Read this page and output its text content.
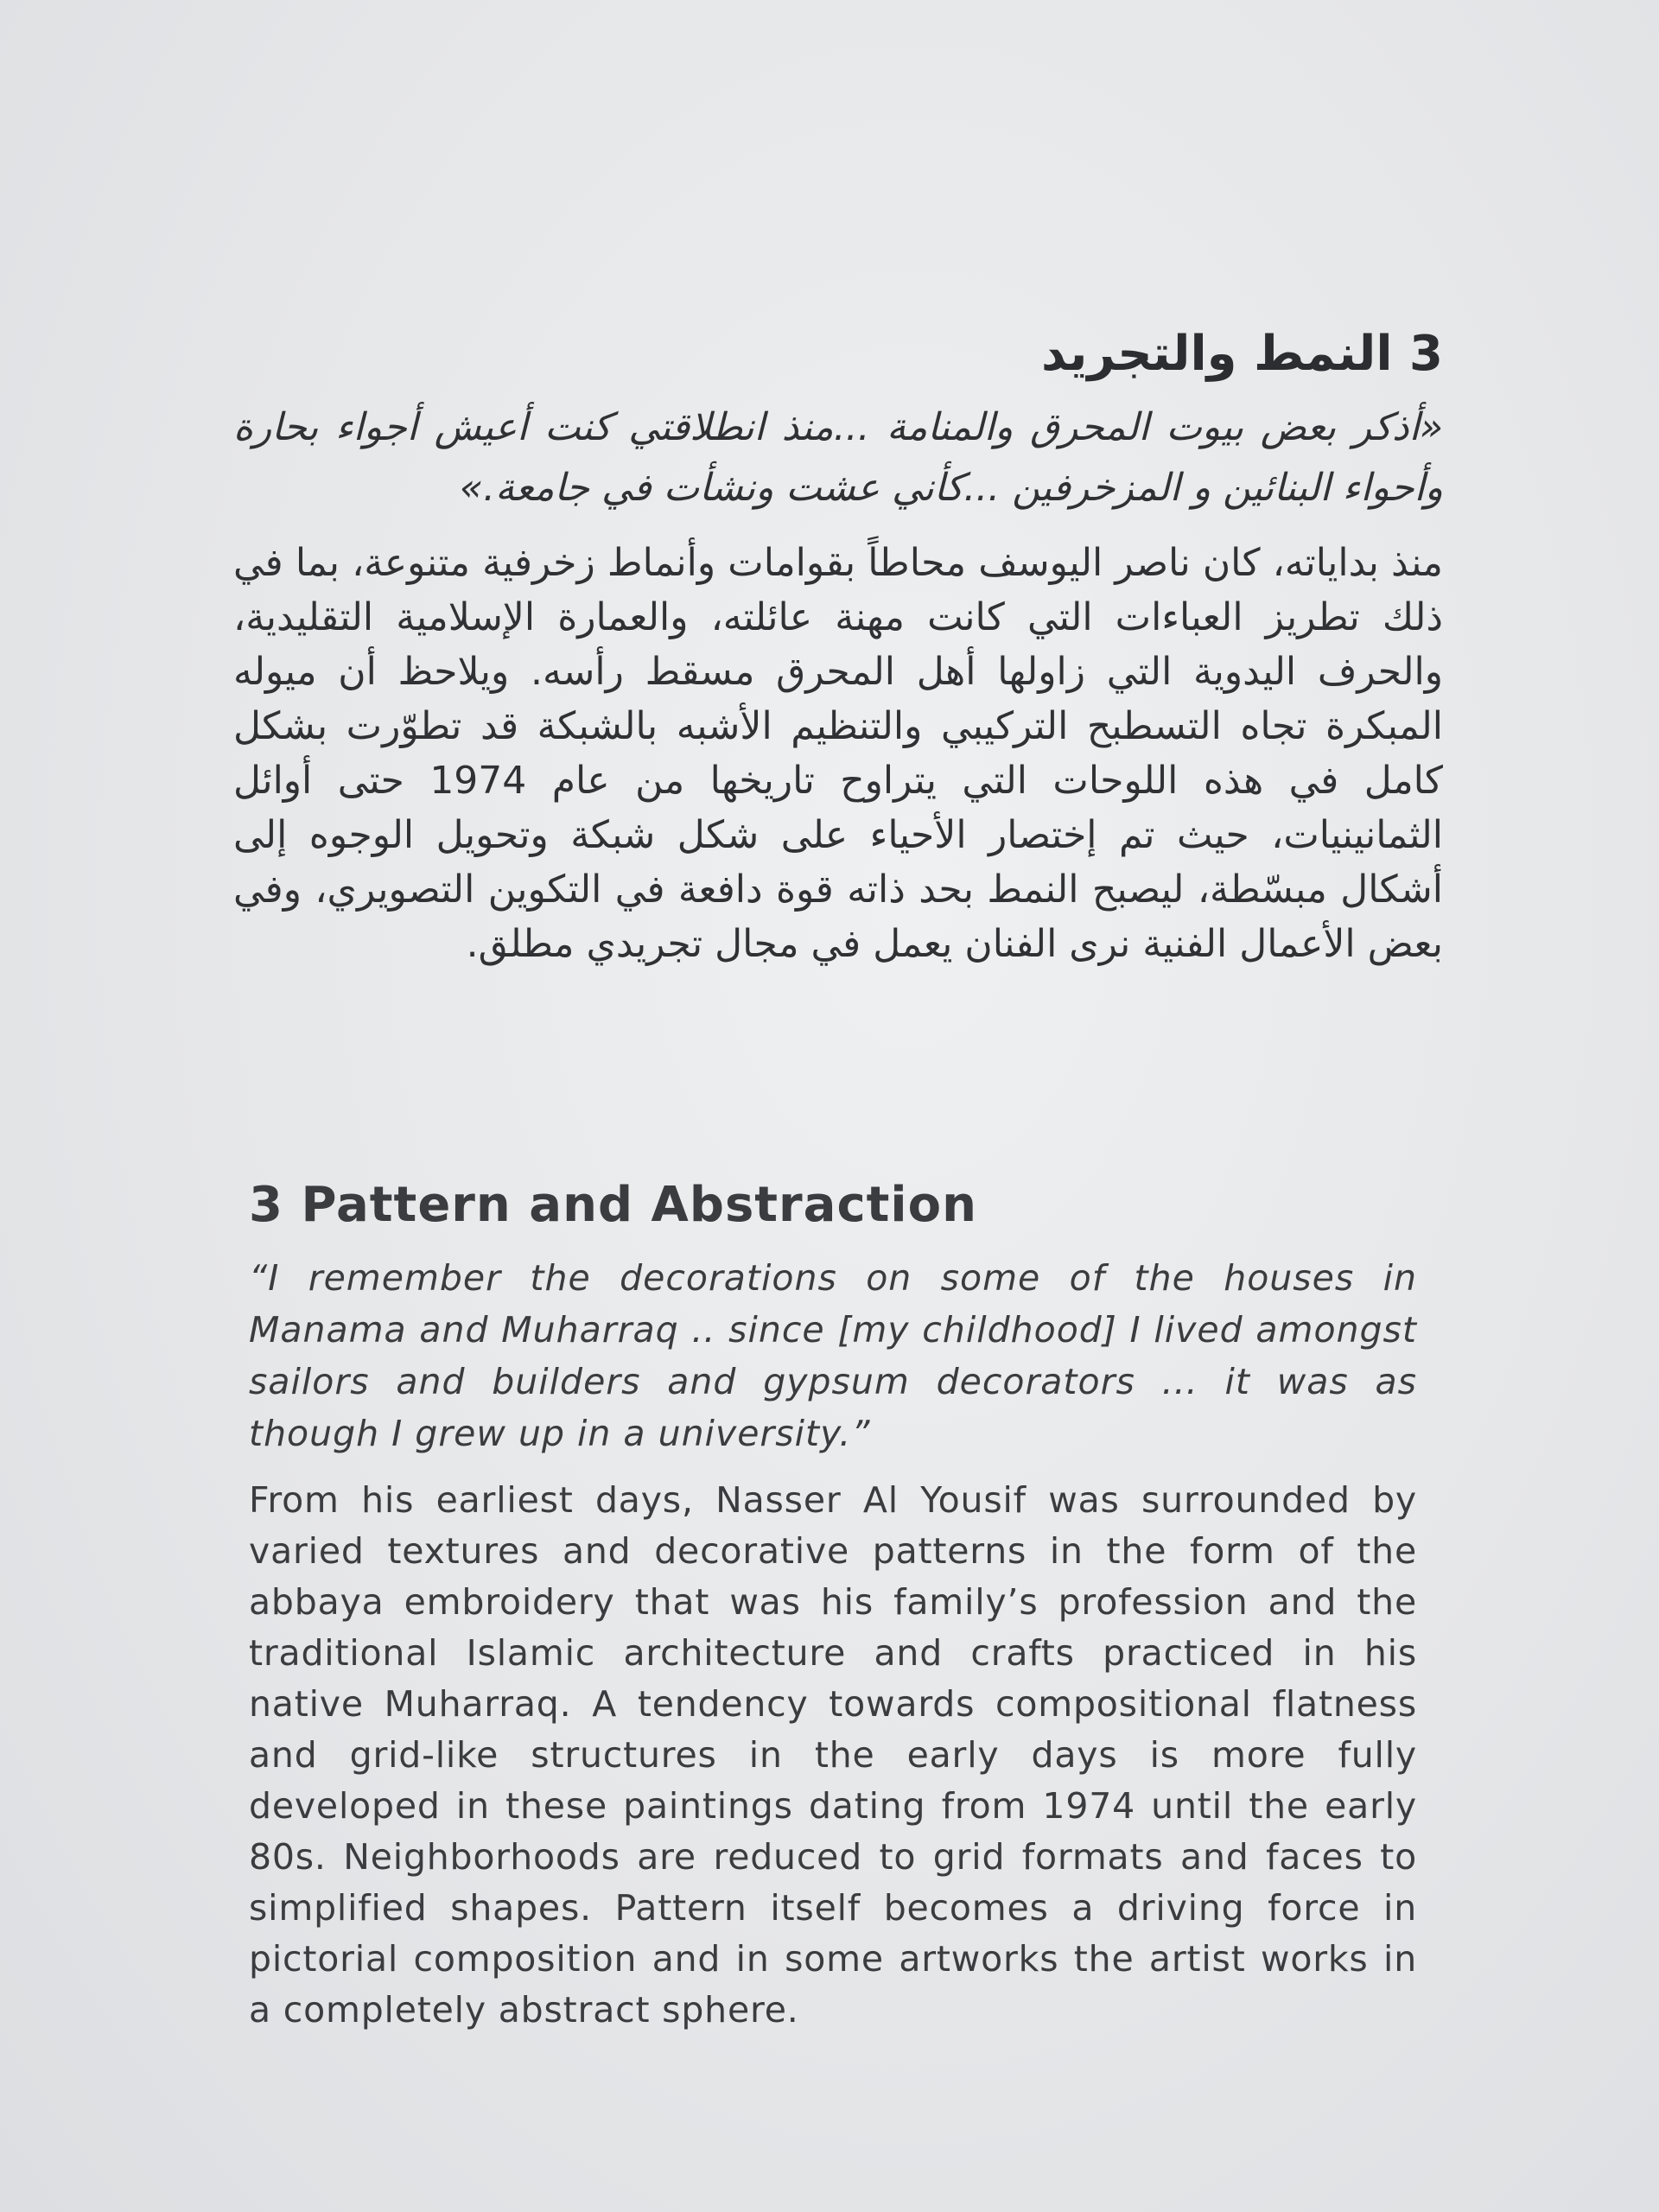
3 النمط والتجريد

«أذكر بعض بيوت المحرق والمنامة ...منذ انطلاقتي كنت أعيش أجواء بحارة وأحواء البنائين و المزخرفين ...كأني عشت ونشأت في جامعة.»

منذ بداياته، كان ناصر اليوسف محاطاً بقوامات وأنماط زخرفية متنوعة، بما في ذلك تطريز العباءات التي كانت مهنة عائلته، والعمارة الإسلامية التقليدية، والحرف اليدوية التي زاولها أهل المحرق مسقط رأسه. ويلاحظ أن ميوله المبكرة تجاه التسطبح التركيبي والتنظيم الأشبه بالشبكة قد تطوّرت بشكل كامل في هذه اللوحات التي يتراوح تاريخها من عام 1974 حتى أوائل الثمانينيات، حيث تم إختصار الأحياء على شكل شبكة وتحويل الوجوه إلى أشكال مبسّطة، ليصبح النمط بحد ذاته قوة دافعة في التكوين التصويري، وفي بعض الأعمال الفنية نرى الفنان يعمل في مجال تجريدي مطلق.

3 Pattern and Abstraction

“I remember the decorations on some of the houses in Manama and Muharraq .. since [my childhood] I lived amongst sailors and builders and gypsum decorators ... it was as though I grew up in a university.”

From his earliest days, Nasser Al Yousif was surrounded by varied textures and decorative patterns in the form of the abbaya embroidery that was his family’s profession and the traditional Islamic architecture and crafts practiced in his native Muharraq. A tendency towards compositional flatness and grid-like structures in the early days is more fully developed in these paintings dating from 1974 until the early 80s. Neighborhoods are reduced to grid formats and faces to simplified shapes. Pattern itself becomes a driving force in pictorial composition and in some artworks the artist works in a completely abstract sphere.
